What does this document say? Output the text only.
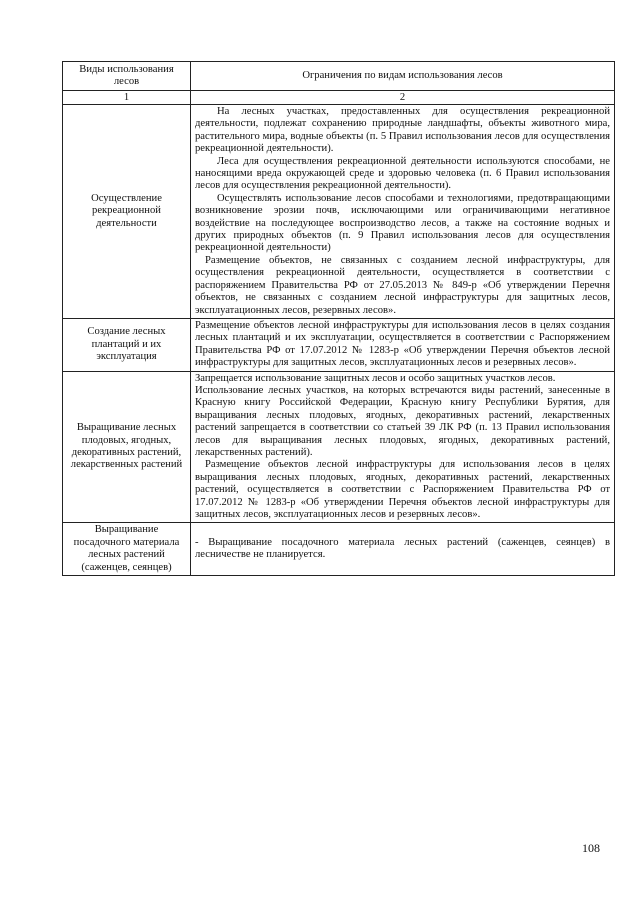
Виды использования лесов	Ограничения по видам использования лесов
1	2
Осуществление рекреационной деятельности	На лесных участках, предоставленных для осуществления рекреационной деятельности, подлежат сохранению природные ландшафты, объекты животного мира, растительного мира, водные объекты (п. 5 Правил использования лесов для осуществления рекреационной деятельности).

Леса для осуществления рекреационной деятельности используются способами, не наносящими вреда окружающей среде и здоровью человека (п. 6 Правил использования лесов для осуществления рекреационной деятельности).

Осуществлять использование лесов способами и технологиями, предотвращающими возникновение эрозии почв, исключающими или ограничивающими негативное воздействие на последующее воспроизводство лесов, а также на состояние водных и других природных объектов (п. 9 Правил использования лесов для осуществления рекреационной деятельности)

Размещение объектов, не связанных с созданием лесной инфраструктуры, для осуществления рекреационной деятельности, осуществляется в соответствии с распоряжением Правительства РФ от 27.05.2013 № 849-р «Об утверждении Перечня объектов, не связанных с созданием лесной инфраструктуры для защитных лесов, эксплуатационных лесов, резервных лесов».

Создание лесных плантаций и их эксплуатация	Размещение объектов лесной инфраструктуры для использования лесов в целях создания лесных плантаций и их эксплуатации, осуществляется в соответствии с Распоряжением Правительства РФ от 17.07.2012 № 1283-р «Об утверждении Перечня объектов лесной инфраструктуры для защитных лесов, эксплуатационных лесов и резервных лесов».

Выращивание лесных плодовых, ягодных, декоративных растений, лекарственных растений	Запрещается использование защитных лесов и особо защитных участков лесов.

Использование лесных участков, на которых встречаются виды растений, занесенные в Красную книгу Российской Федерации, Красную книгу Республики Бурятия, для выращивания лесных плодовых, ягодных, декоративных растений, лекарственных растений запрещается в соответствии со статьей 39 ЛК РФ (п. 13 Правил использования лесов для выращивания лесных плодовых, ягодных, декоративных растений, лекарственных растений).

Размещение объектов лесной инфраструктуры для использования лесов в целях выращивания лесных плодовых, ягодных, декоративных растений, лекарственных растений, осуществляется в соответствии с Распоряжением Правительства РФ от 17.07.2012 № 1283-р «Об утверждении Перечня объектов лесной инфраструктуры для защитных лесов, эксплуатационных лесов и резервных лесов».

Выращивание посадочного материала лесных растений (саженцев, сеянцев)	- Выращивание посадочного материала лесных растений (саженцев, сеянцев) в лесничестве не планируется.

108
